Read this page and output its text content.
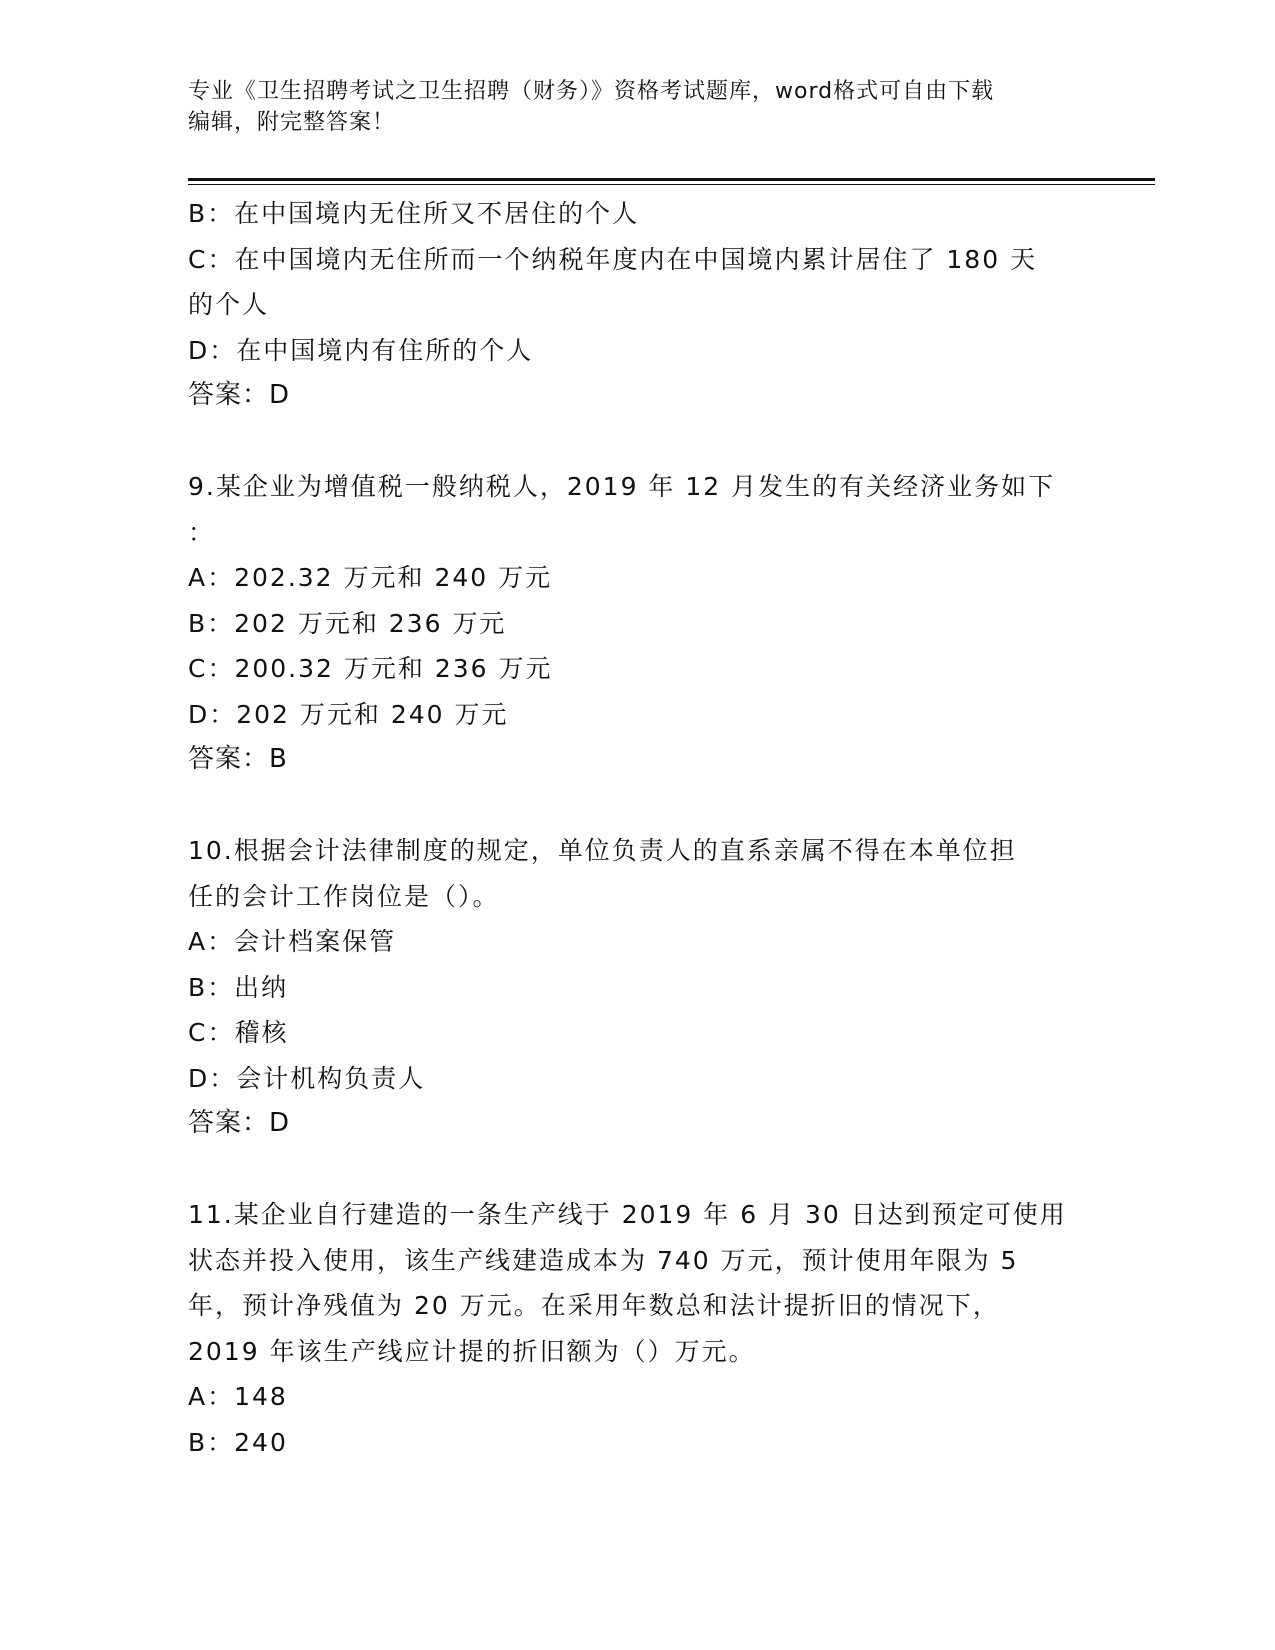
专业《卫生招聘考试之卫生招聘（财务）》资格考试题库，word格式可自由下载
编辑，附完整答案！
B：在中国境内无住所又不居住的个人
C：在中国境内无住所而一个纳税年度内在中国境内累计居住了 180 天
的个人
D：在中国境内有住所的个人
答案：D
9.某企业为增值税一般纳税人，2019 年 12 月发生的有关经济业务如下
：
A：202.32 万元和 240 万元
B：202 万元和 236 万元
C：200.32 万元和 236 万元
D：202 万元和 240 万元
答案：B
10.根据会计法律制度的规定，单位负责人的直系亲属不得在本单位担
任的会计工作岗位是（）。
A：会计档案保管
B：出纳
C：稽核
D：会计机构负责人
答案：D
11.某企业自行建造的一条生产线于 2019 年 6 月 30 日达到预定可使用
状态并投入使用，该生产线建造成本为 740 万元，预计使用年限为 5
年，预计净残值为 20 万元。在采用年数总和法计提折旧的情况下，
2019 年该生产线应计提的折旧额为（）万元。
A：148
B：240
